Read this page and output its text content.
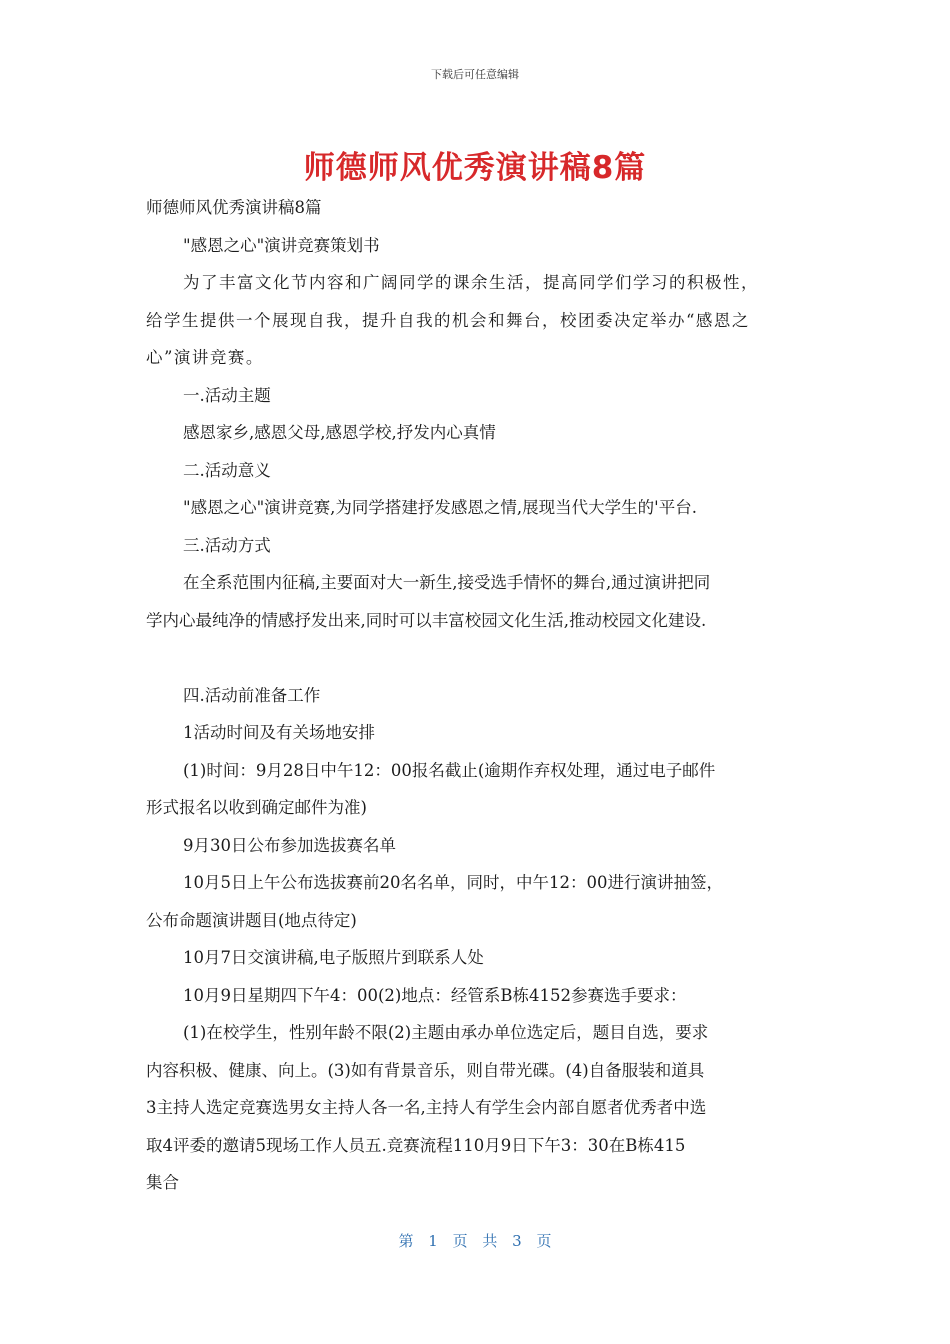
下载后可任意编辑
师德师风优秀演讲稿8篇
师德师风优秀演讲稿8篇
"感恩之心"演讲竞赛策划书
为了丰富文化节内容和广阔同学的课余生活，提高同学们学习的积极性，
给学生提供一个展现自我，提升自我的机会和舞台，校团委决定举办“感恩之
心”演讲竞赛。
一.活动主题
感恩家乡,感恩父母,感恩学校,抒发内心真情
二.活动意义
"感恩之心"演讲竞赛,为同学搭建抒发感恩之情,展现当代大学生的'平台.
三.活动方式
在全系范围内征稿,主要面对大一新生,接受选手情怀的舞台,通过演讲把同
学内心最纯净的情感抒发出来,同时可以丰富校园文化生活,推动校园文化建设.
四.活动前准备工作
1活动时间及有关场地安排
(1)时间：9月28日中午12：00报名截止(逾期作弃权处理，通过电子邮件
形式报名以收到确定邮件为准)
9月30日公布参加选拔赛名单
10月5日上午公布选拔赛前20名名单，同时，中午12：00进行演讲抽签，
公布命题演讲题目(地点待定)
10月7日交演讲稿,电子版照片到联系人处
10月9日星期四下午4：00(2)地点：经管系B栋4152参赛选手要求：
(1)在校学生，性别年龄不限(2)主题由承办单位选定后，题目自选，要求
内容积极、健康、向上。(3)如有背景音乐，则自带光碟。(4)自备服装和道具
3主持人选定竞赛选男女主持人各一名,主持人有学生会内部自愿者优秀者中选
取4评委的邀请5现场工作人员五.竞赛流程110月9日下午3：30在B栋415
集合
第 1 页 共 3 页
